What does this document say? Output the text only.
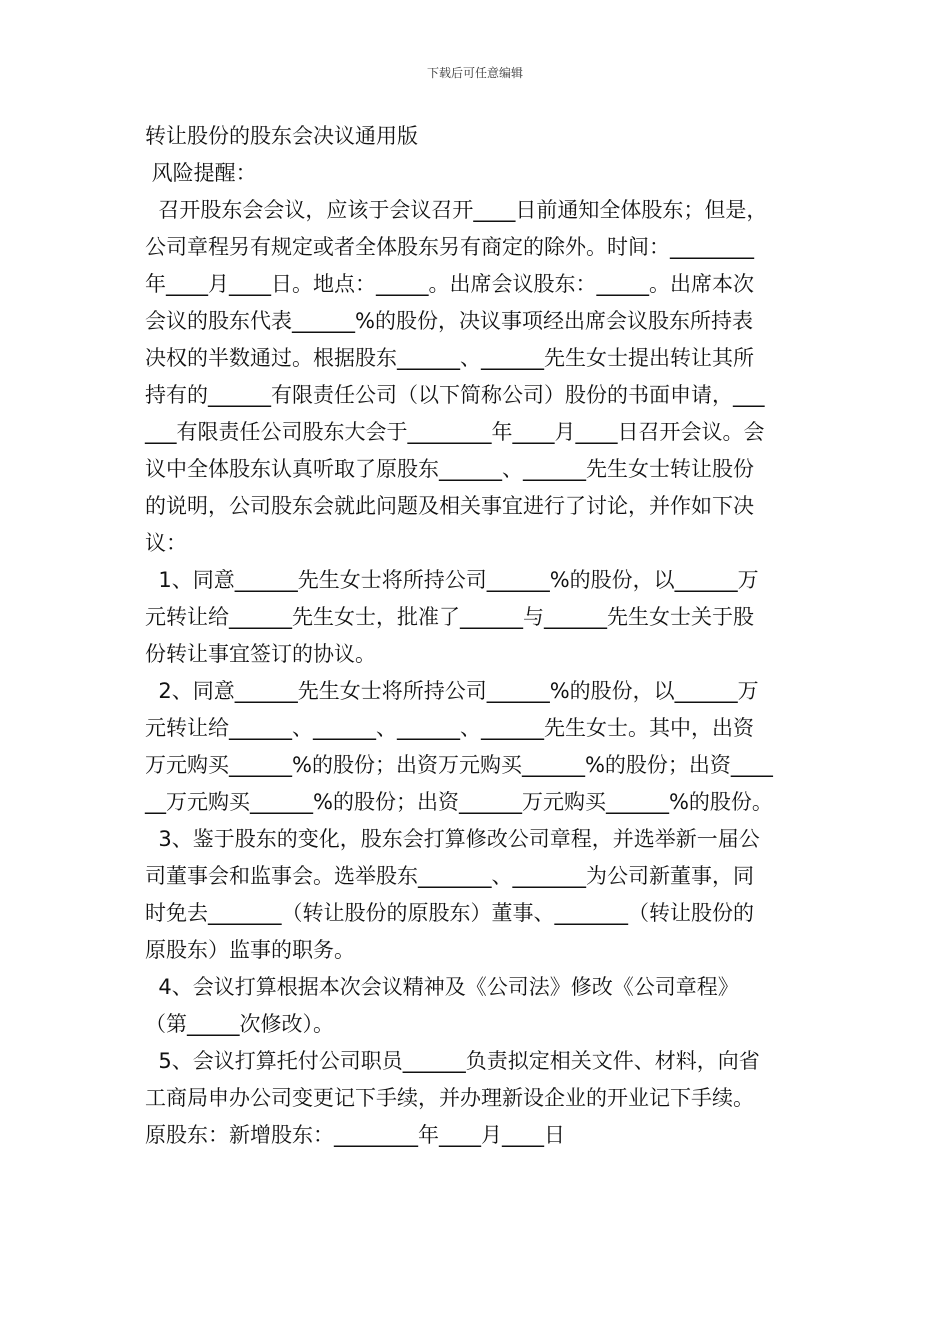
下载后可任意编辑
转让股份的股东会决议通用版
风险提醒：
召开股东会会议，应该于会议召开____日前通知全体股东；但是，
公司章程另有规定或者全体股东另有商定的除外。时间：________
年____月____日。地点：_____。出席会议股东：_____。出席本次
会议的股东代表______%的股份，决议事项经出席会议股东所持表
决权的半数通过。根据股东______、______先生女士提出转让其所
持有的______有限责任公司（以下简称公司）股份的书面申请，___
___有限责任公司股东大会于________年____月____日召开会议。会
议中全体股东认真听取了原股东______、______先生女士转让股份
的说明，公司股东会就此问题及相关事宜进行了讨论，并作如下决
议：
1、同意______先生女士将所持公司______%的股份，以______万
元转让给______先生女士，批准了______与______先生女士关于股
份转让事宜签订的协议。
2、同意______先生女士将所持公司______%的股份，以______万
元转让给______、______、______、______先生女士。其中，出资
万元购买______%的股份；出资万元购买______%的股份；出资____
__万元购买______%的股份；出资______万元购买______%的股份。
3、鉴于股东的变化，股东会打算修改公司章程，并选举新一届公
司董事会和监事会。选举股东_______、_______为公司新董事，同
时免去_______（转让股份的原股东）董事、_______（转让股份的
原股东）监事的职务。
4、会议打算根据本次会议精神及《公司法》修改《公司章程》
（第_____次修改）。
5、会议打算托付公司职员______负责拟定相关文件、材料，向省
工商局申办公司变更记下手续，并办理新设企业的开业记下手续。
原股东：新增股东：________年____月____日
